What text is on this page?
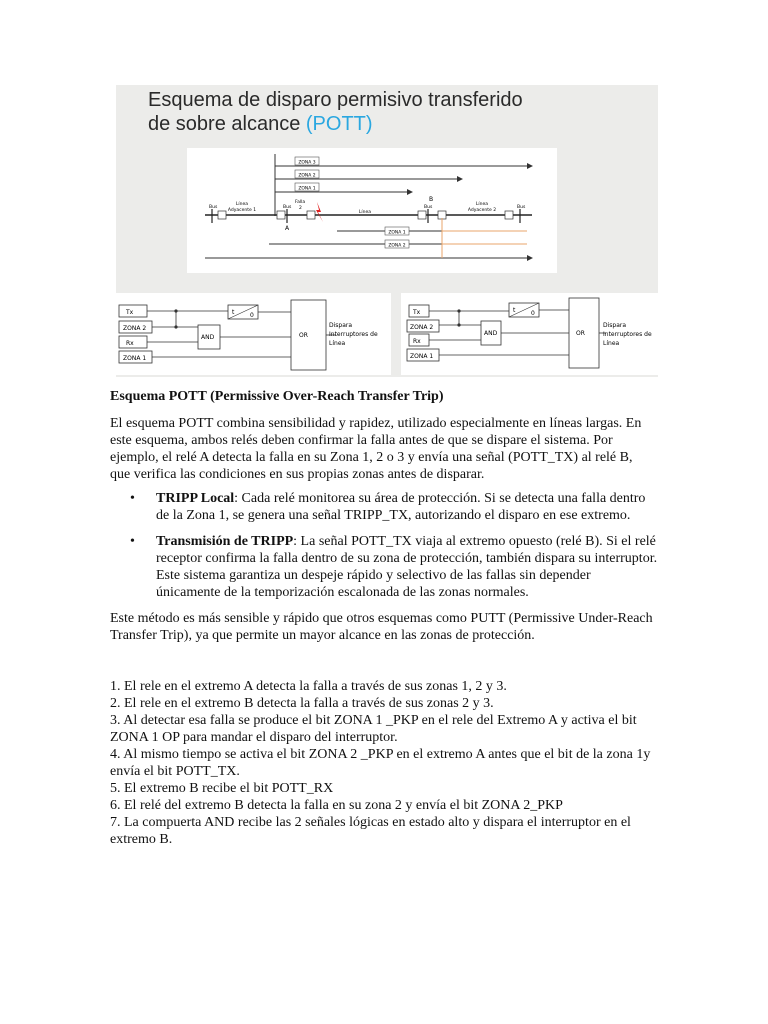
Esquema de disparo permisivo transferido
de sobre alcance (POTT)
ZONA 3
ZONA 2
ZONA 1
Bus	Bus	Bus	Bus
Línea
Adyacente 1
Línea
Adyacente 2
Falla
2
Línea
B
A
ZONA 1
ZONA 2
Tx
ZONA 2
Rx
ZONA 1
AND	OR
t	0
Dispara
Interruptores de
Línea
Tx
ZONA 2
Rx
ZONA 1
AND	OR
t	0
Dispara
Interruptores de
Línea
Esquema POTT (Permissive Over-Reach Transfer Trip)

El esquema POTT combina sensibilidad y rapidez, utilizado especialmente en líneas largas. En este esquema, ambos relés deben confirmar la falla antes de que se dispare el sistema. Por ejemplo, el relé A detecta la falla en su Zona 1, 2 o 3 y envía una señal (POTT_TX) al relé B, que verifica las condiciones en sus propias zonas antes de disparar.

• TRIPP Local: Cada relé monitorea su área de protección. Si se detecta una falla dentro de la Zona 1, se genera una señal TRIPP_TX, autorizando el disparo en ese extremo.
• Transmisión de TRIPP: La señal POTT_TX viaja al extremo opuesto (relé B). Si el relé receptor confirma la falla dentro de su zona de protección, también dispara su interruptor. Este sistema garantiza un despeje rápido y selectivo de las fallas sin depender únicamente de la temporización escalonada de las zonas normales.

Este método es más sensible y rápido que otros esquemas como PUTT (Permissive Under-Reach Transfer Trip), ya que permite un mayor alcance en las zonas de protección.

1. El rele en el extremo A detecta la falla a través de sus zonas 1, 2 y 3.
2. El rele en el extremo B detecta la falla a través de sus zonas 2 y 3.
3. Al detectar esa falla se produce el bit ZONA 1 _PKP en el rele del Extremo A y activa el bit ZONA 1 OP para mandar el disparo del interruptor.
4. Al mismo tiempo se activa el bit ZONA 2 _PKP en el extremo A antes que el bit de la zona 1y envía el bit POTT_TX.
5. El extremo B recibe el bit POTT_RX
6. El relé del extremo B detecta la falla en su zona 2 y envía el bit ZONA 2_PKP
7. La compuerta AND recibe las 2 señales lógicas en estado alto y dispara el interruptor en el extremo B.
